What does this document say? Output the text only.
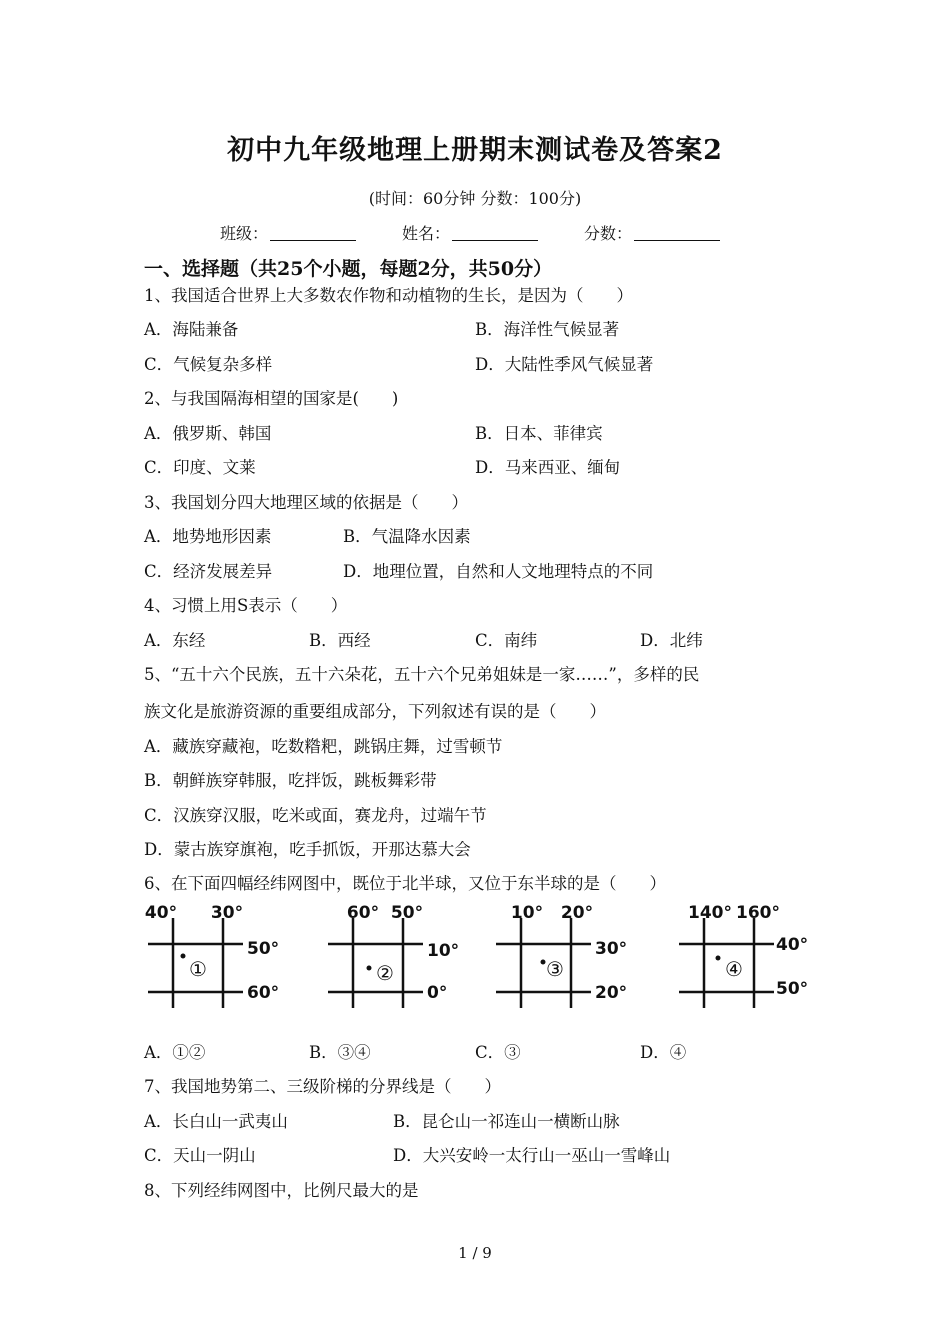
初中九年级地理上册期末测试卷及答案2
(时间：60分钟 分数：100分)
班级：	姓名：	分数：
一、选择题（共25个小题，每题2分，共50分）
1、我国适合世界上大多数农作物和动植物的生长，是因为（　　）
A．海陆兼备	B．海洋性气候显著
C．气候复杂多样	D．大陆性季风气候显著
2、与我国隔海相望的国家是(　　)
A．俄罗斯、韩国	B．日本、菲律宾
C．印度、文莱	D．马来西亚、缅甸
3、我国划分四大地理区域的依据是（　　）
A．地势地形因素	B．气温降水因素
C．经济发展差异	D．地理位置，自然和人文地理特点的不同
4、习惯上用S表示（　　）
A．东经	B．西经	C．南纬	D．北纬
5、“五十六个民族，五十六朵花，五十六个兄弟姐妹是一家……”，多样的民
族文化是旅游资源的重要组成部分，下列叙述有误的是（　　）
A．藏族穿藏袍，吃数糌粑，跳锅庄舞，过雪顿节
B．朝鲜族穿韩服，吃拌饭，跳板舞彩带
C．汉族穿汉服，吃米或面，赛龙舟，过端午节
D．蒙古族穿旗袍，吃手抓饭，开那达慕大会
6、在下面四幅经纬网图中，既位于北半球，又位于东半球的是（　　）
40° 30°
50°
60°
①
60° 50°
10°
0°
②
10° 20°
30°
20°
③
140° 160°
40°
50°
④
A．①②	B．③④	C．③	D．④
7、我国地势第二、三级阶梯的分界线是（　　）
A．长白山一武夷山	B．昆仑山一祁连山一横断山脉
C．天山一阴山	D．大兴安岭一太行山一巫山一雪峰山
8、下列经纬网图中，比例尺最大的是
1 / 9
